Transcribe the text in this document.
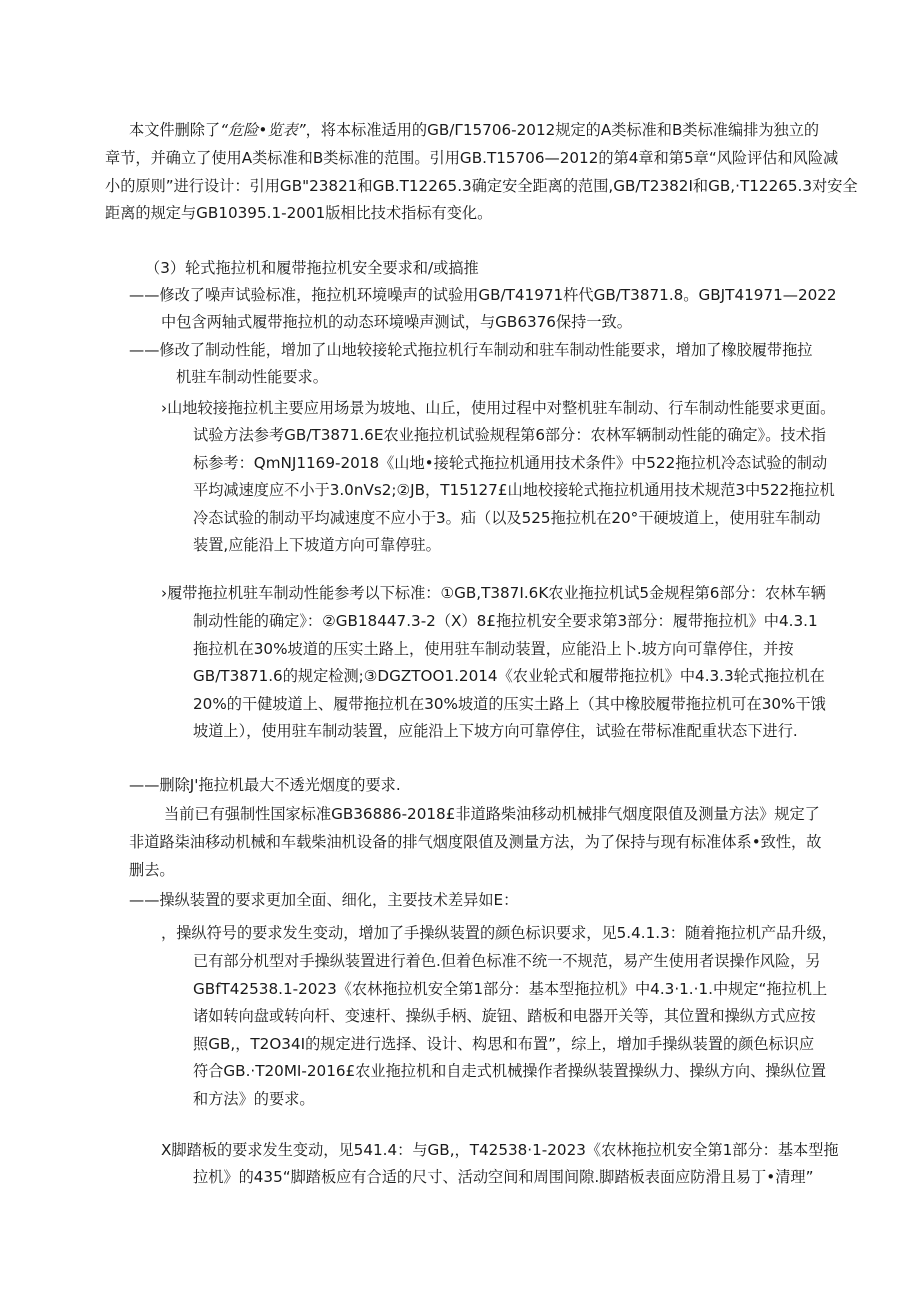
本文件删除了“危险•览表”，将本标准适用的GB/Γ15706-2012规定的A类标准和B类标准编排为独立的

章节，并确立了使用A类标准和B类标准的范围。引用GB.T15706—2012的第4章和第5章“风险评估和风险减
小的原则”进行设计：引用GB"23821和GB.T12265.3确定安全距离的范围,GB/T2382I和GB,·T12265.3对安全
距离的规定与GB10395.1-2001版相比技术指标有变化。

（3）轮式拖拉机和履带拖拉机安全要求和/或搞推

——修改了噪声试验标准，拖拉机环境噪声的试验用GB/T41971杵代GB/T3871.8。GBJT41971—2022

中包含两轴式履带拖拉机的动态环境噪声测试，与GB6376保持一致。

——修改了制动性能，增加了山地较接轮式拖拉机行车制动和驻车制动性能要求，增加了橡胶履带拖拉

机驻车制动性能要求。

›山地较接拖拉机主要应用场景为坡地、山丘，使用过程中对整机驻车制动、行车制动性能要求更面。

试验方法参考GB/T3871.6E农业拖拉机试验规程第6部分：农林军辆制动性能的确定》。技术指
标参考：QmNJ1169-2018《山地•接轮式拖拉机通用技术条件》中522拖拉机冷态试验的制动
平均减速度应不小于3.0nVs2;②JB，T15127£山地校接轮式拖拉机通用技术规范3中522拖拉机
冷态试验的制动平均减速度不应小于3。疝（以及525拖拉机在20°干硬坡道上，使用驻车制动
装置,应能沿上下坡道方向可靠停驻。

›履带拖拉机驻车制动性能参考以下标准：①GB,T387I.6K农业拖拉机试5金规程第6部分：农林车辆

制动性能的确定》：②GB18447.3-2（X）8£拖拉机安全要求第3部分：履带拖拉机》中4.3.1
拖拉机在30%坡道的压实土路上，使用驻车制动装置，应能沿上卜.坡方向可靠停住，并按
GB/T3871.6的规定检测;③DGZTOO1.2014《农业轮式和履带拖拉机》中4.3.3轮式拖拉机在
20%的干健坡道上、履带拖拉机在30%坡道的压实土路上（其中橡胶履带拖拉机可在30%干饿
坡道上），使用驻车制动装置，应能沿上下坡方向可靠停住，试验在带标准配重状态下进行.

——删除J'拖拉机最大不透光烟度的要求.

当前已有强制性国家标准GB36886-2018£非道路柴油移动机械排气烟度限值及测量方法》规定了

非道路柒油移动机械和车载柴油机设备的排气烟度限值及测量方法，为了保持与现有标准体系•致性，故
删去。

——操纵装置的要求更加全面、细化，主要技术差异如E：

，操纵符号的要求发生变动，增加了手操纵装置的颜色标识要求，见5.4.1.3：随着拖拉机产品升级，

已有部分机型对手操纵装置进行着色.但着色标准不统一不规范，易产生使用者误操作风险，另
GBfT42538.1-2023《农林拖拉机安全第1部分：基本型拖拉机》中4.3·1.·1.中规定“拖拉机上
诸如转向盘或转向杆、变速杆、操纵手柄、旋钮、踏板和电器开关等，其位置和操纵方式应按
照GB,，T2O34I的规定进行选择、设计、构思和布置”，综上，增加手操纵装置的颜色标识应
符合GB.·T20MI-2016£农业拖拉机和自走式机械操作者操纵装置操纵力、操纵方向、操纵位置
和方法》的要求。

X脚踏板的要求发生变动，见541.4：与GB,，T42538·1-2023《农林拖拉机安全第1部分：基本型拖

拉机》的435“脚踏板应有合适的尺寸、活动空间和周围间隙.脚踏板表面应防滑且易丁•清理”
